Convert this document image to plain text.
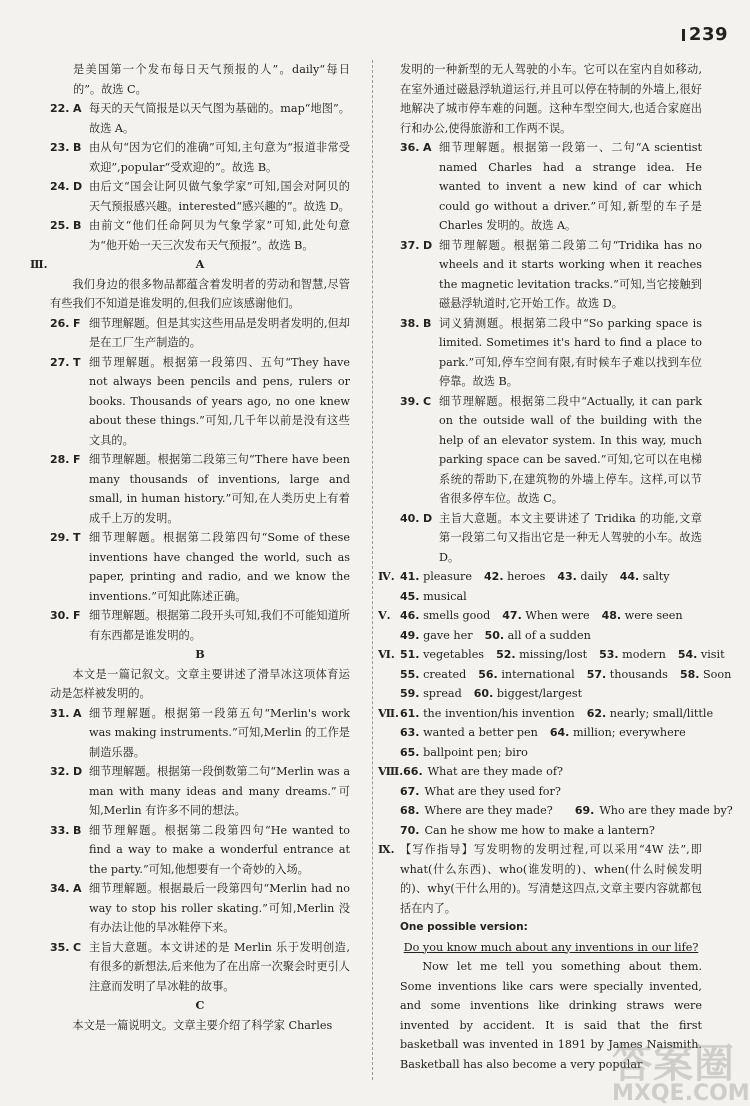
239
是美国第一个发布每日天气预报的人”。daily“每日的”。故选 C。
22. A 每天的天气简报是以天气图为基础的。map“地图”。故选 A。
23. B 由从句“因为它们的准确”可知,主句意为“报道非常受欢迎”,popular“受欢迎的”。故选 B。
24. D 由后文“国会让阿贝做气象学家”可知,国会对阿贝的天气预报感兴趣。interested“感兴趣的”。故选 D。
25. B 由前文“他们任命阿贝为气象学家”可知,此处句意为“他开始一天三次发布天气预报”。故选 B。
Ⅲ.	A
我们身边的很多物品都蕴含着发明者的劳动和智慧,尽管有些我们不知道是谁发明的,但我们应该感谢他们。
26. F 细节理解题。但是其实这些用品是发明者发明的,但却是在工厂生产制造的。
27. T 细节理解题。根据第一段第四、五句“They have not always been pencils and pens, rulers or books. Thousands of years ago, no one knew about these things.”可知,几千年以前是没有这些文具的。
28. F 细节理解题。根据第二段第三句“There have been many thousands of inventions, large and small, in human history.”可知,在人类历史上有着成千上万的发明。
29. T 细节理解题。根据第二段第四句“Some of these inventions have changed the world, such as paper, printing and radio, and we know the inventions.”可知此陈述正确。
30. F 细节理解题。根据第二段开头可知,我们不可能知道所有东西都是谁发明的。
B
本文是一篇记叙文。文章主要讲述了滑旱冰这项体育运动是怎样被发明的。
31. A 细节理解题。根据第一段第五句“Merlin's work was making instruments.”可知,Merlin 的工作是制造乐器。
32. D 细节理解题。根据第一段倒数第二句“Merlin was a man with many ideas and many dreams.”可知,Merlin 有许多不同的想法。
33. B 细节理解题。根据第二段第四句“He wanted to find a way to make a wonderful entrance at the party.”可知,他想要有一个奇妙的入场。
34. A 细节理解题。根据最后一段第四句“Merlin had no way to stop his roller skating.”可知,Merlin 没有办法让他的旱冰鞋停下来。
35. C 主旨大意题。本文讲述的是 Merlin 乐于发明创造,有很多的新想法,后来他为了在出席一次聚会时更引人注意而发明了旱冰鞋的故事。
C
本文是一篇说明文。文章主要介绍了科学家 Charles
发明的一种新型的无人驾驶的小车。它可以在室内自如移动,在室外通过磁悬浮轨道运行,并且可以停在特制的外墙上,很好地解决了城市停车难的问题。这种车型空间大,也适合家庭出行和办公,使得旅游和工作两不误。
36. A 细节理解题。根据第一段第一、二句“A scientist named Charles had a strange idea. He wanted to invent a new kind of car which could go without a driver.”可知,新型的车子是 Charles 发明的。故选 A。
37. D 细节理解题。根据第二段第二句“Tridika has no wheels and it starts working when it reaches the magnetic levitation tracks.”可知,当它接触到磁悬浮轨道时,它开始工作。故选 D。
38. B 词义猜测题。根据第二段中“So parking space is limited. Sometimes it's hard to find a place to park.”可知,停车空间有限,有时候车子难以找到车位停靠。故选 B。
39. C 细节理解题。根据第二段中“Actually, it can park on the outside wall of the building with the help of an elevator system. In this way, much parking space can be saved.”可知,它可以在电梯系统的帮助下,在建筑物的外墙上停车。这样,可以节省很多停车位。故选 C。
40. D 主旨大意题。本文主要讲述了 Tridika 的功能,文章第一段第二句又指出它是一种无人驾驶的小车。故选 D。
Ⅳ. 41. pleasure 42. heroes 43. daily 44. salty
45. musical
Ⅴ. 46. smells good 47. When were 48. were seen
49. gave her 50. all of a sudden
Ⅵ. 51. vegetables 52. missing/lost 53. modern 54. visit
55. created 56. international 57. thousands 58. Soon
59. spread 60. biggest/largest
Ⅶ. 61. the invention/his invention 62. nearly; small/little
63. wanted a better pen 64. million; everywhere
65. ballpoint pen; biro
Ⅷ. 66. What are they made of?
67. What are they used for?
68. Where are they made? 69. Who are they made by?
70. Can he show me how to make a lantern?
Ⅸ. 【写作指导】写发明物的发明过程,可以采用“4W 法”,即 what(什么东西)、who(谁发明的)、when(什么时候发明的)、why(干什么用的)。写清楚这四点,文章主要内容就都包括在内了。
One possible version:
Do you know much about any inventions in our life?
Now let me tell you something about them. Some inventions like cars were specially invented, and some inventions like drinking straws were invented by accident. It is said that the first basketball was invented in 1891 by James Naismith. Basketball has also become a very popular
答案圈
MXQE.COM
